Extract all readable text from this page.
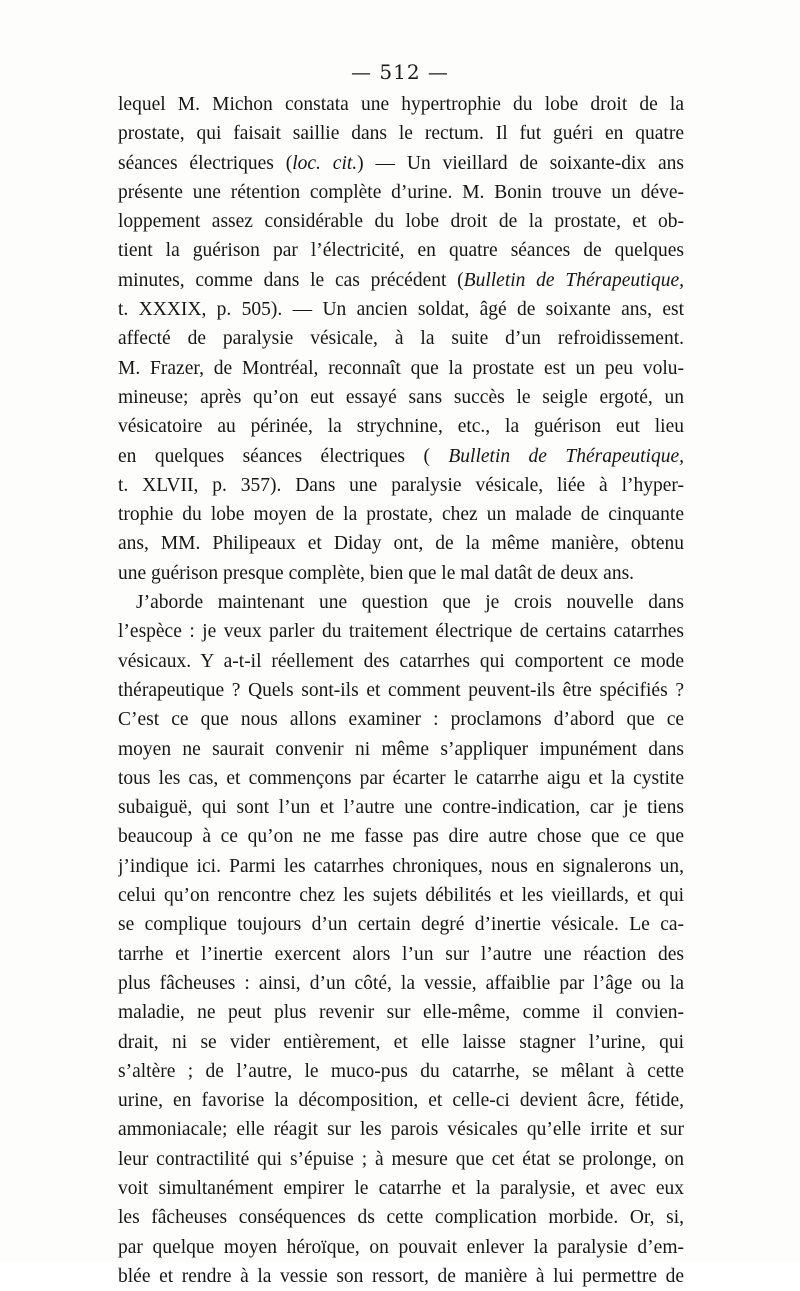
— 512 —
lequel M. Michon constata une hypertrophie du lobe droit de la
prostate, qui faisait saillie dans le rectum. Il fut guéri en quatre
séances électriques (loc. cit.) — Un vieillard de soixante-dix ans
présente une rétention complète d’urine. M. Bonin trouve un déve-
loppement assez considérable du lobe droit de la prostate, et ob-
tient la guérison par l’électricité, en quatre séances de quelques
minutes, comme dans le cas précédent (Bulletin de Thérapeutique,
t. XXXIX, p. 505). — Un ancien soldat, âgé de soixante ans, est
affecté de paralysie vésicale, à la suite d’un refroidissement.
M. Frazer, de Montréal, reconnaît que la prostate est un peu volu-
mineuse; après qu’on eut essayé sans succès le seigle ergoté, un
vésicatoire au périnée, la strychnine, etc., la guérison eut lieu
en quelques séances électriques ( Bulletin de Thérapeutique,
t. XLVII, p. 357). Dans une paralysie vésicale, liée à l’hyper-
trophie du lobe moyen de la prostate, chez un malade de cinquante
ans, MM. Philipeaux et Diday ont, de la même manière, obtenu
une guérison presque complète, bien que le mal datât de deux ans.
J’aborde maintenant une question que je crois nouvelle dans
l’espèce : je veux parler du traitement électrique de certains catarrhes
vésicaux. Y a-t-il réellement des catarrhes qui comportent ce mode
thérapeutique ? Quels sont-ils et comment peuvent-ils être spécifiés ?
C’est ce que nous allons examiner : proclamons d’abord que ce
moyen ne saurait convenir ni même s’appliquer impunément dans
tous les cas, et commençons par écarter le catarrhe aigu et la cystite
subaiguë, qui sont l’un et l’autre une contre-indication, car je tiens
beaucoup à ce qu’on ne me fasse pas dire autre chose que ce que
j’indique ici. Parmi les catarrhes chroniques, nous en signalerons un,
celui qu’on rencontre chez les sujets débilités et les vieillards, et qui
se complique toujours d’un certain degré d’inertie vésicale. Le ca-
tarrhe et l’inertie exercent alors l’un sur l’autre une réaction des
plus fâcheuses : ainsi, d’un côté, la vessie, affaiblie par l’âge ou la
maladie, ne peut plus revenir sur elle-même, comme il convien-
drait, ni se vider entièrement, et elle laisse stagner l’urine, qui
s’altère ; de l’autre, le muco-pus du catarrhe, se mêlant à cette
urine, en favorise la décomposition, et celle-ci devient âcre, fétide,
ammoniacale; elle réagit sur les parois vésicales qu’elle irrite et sur
leur contractilité qui s’épuise ; à mesure que cet état se prolonge, on
voit simultanément empirer le catarrhe et la paralysie, et avec eux
les fâcheuses conséquences ds cette complication morbide. Or, si,
par quelque moyen héroïque, on pouvait enlever la paralysie d’em-
blée et rendre à la vessie son ressort, de manière à lui permettre de
